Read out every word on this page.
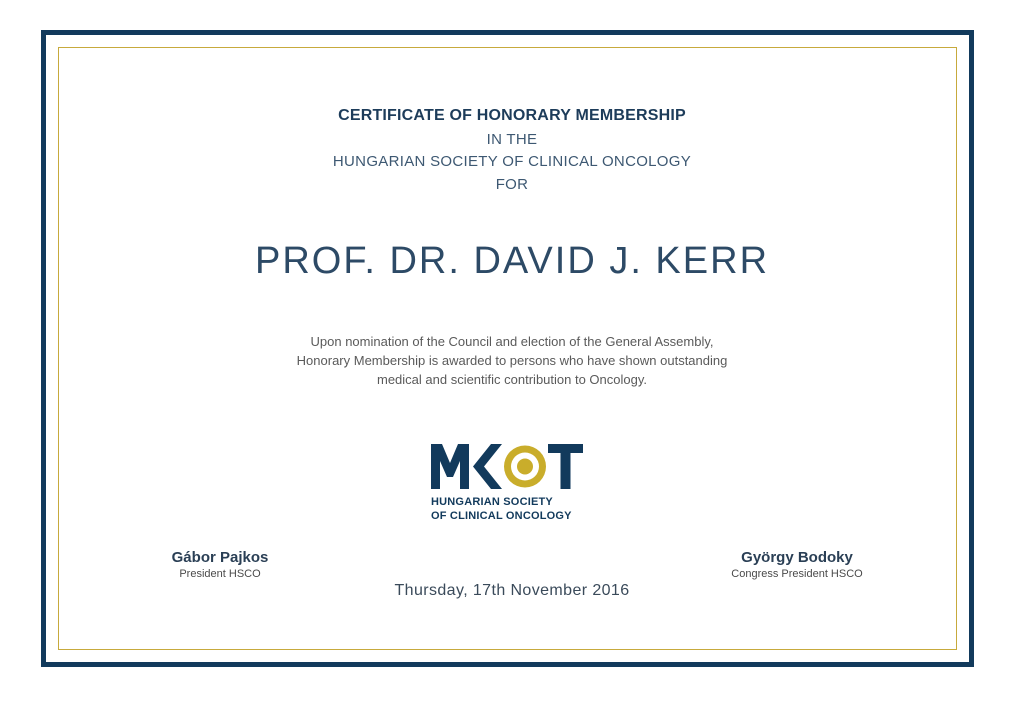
CERTIFICATE OF HONORARY MEMBERSHIP
IN THE
HUNGARIAN SOCIETY OF CLINICAL ONCOLOGY
FOR
PROF. DR. DAVID J. KERR
Upon nomination of the Council and election of the General Assembly,
Honorary Membership is awarded to persons who have shown outstanding
medical and scientific contribution to Oncology.
HUNGARIAN SOCIETY
OF CLINICAL ONCOLOGY
Gábor Pajkos
President HSCO
György Bodoky
Congress President HSCO
Thursday, 17th November 2016
